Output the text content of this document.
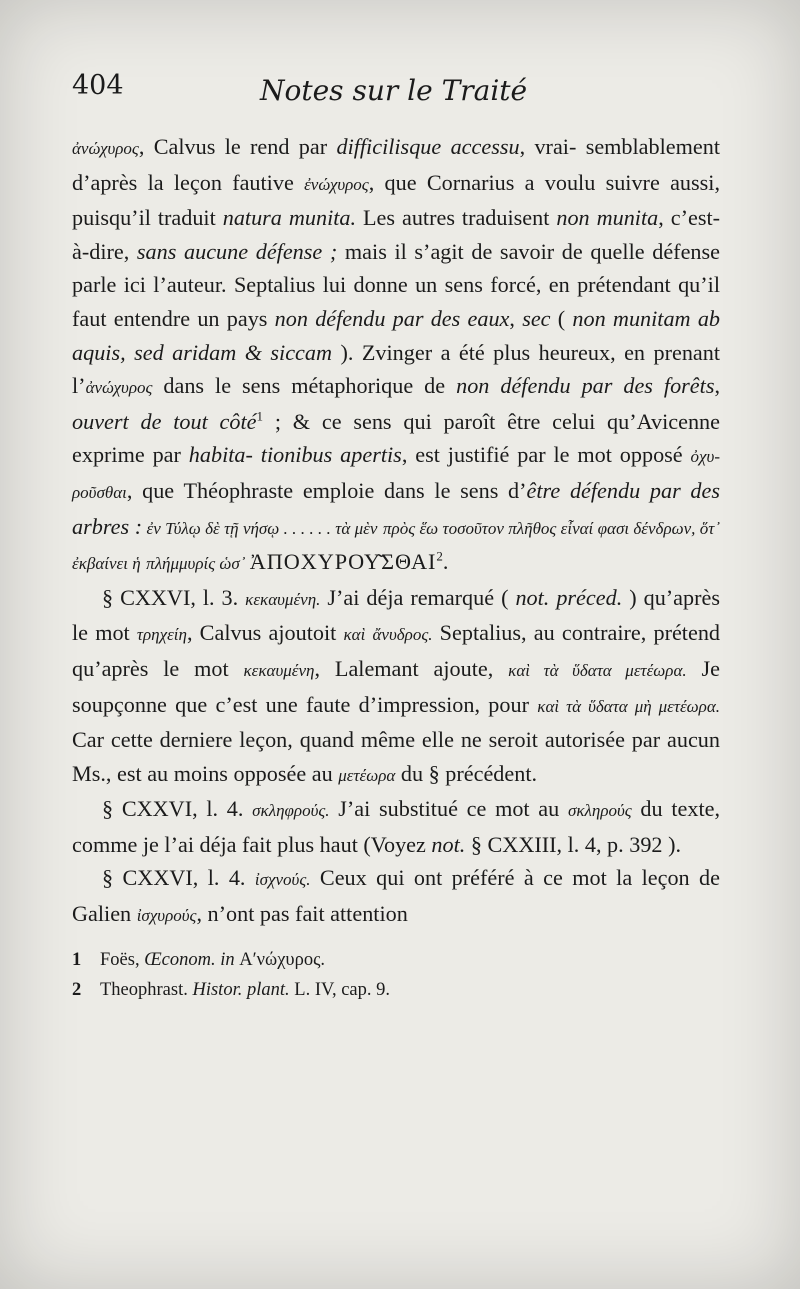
404	Notes sur le Traité

ἀνώχυρος, Calvus le rend par difficilisque accessu, vrai- semblablement d’après la leçon fautive ἐνώχυρος, que Cornarius a voulu suivre aussi, puisqu’il traduit natura munita. Les autres traduisent non munita, c’est-à-dire, sans aucune défense ; mais il s’agit de savoir de quelle défense parle ici l’auteur. Septalius lui donne un sens forcé, en prétendant qu’il faut entendre un pays non défendu par des eaux, sec ( non munitam ab aquis, sed aridam & siccam ). Zvinger a été plus heureux, en prenant l’ἀνώχυρος dans le sens métaphorique de non défendu par des forêts, ouvert de tout côté$^1$ ; & ce sens qui paroît être celui qu’Avicenne exprime par habita- tionibus apertis, est justifié par le mot opposé ὀχυ- ροῦσθαι, que Théophraste emploie dans le sens d’être défendu par des arbres : ἐν Τύλῳ δὲ τῇ νήσῳ . . . . . . τὰ μὲν πρὸς ἕω τοσοῦτον πλῆθος εἶναί φασι δένδρων, ὅτ᾽ ἐκβαίνει ἡ πλήμμυρίς ὡσ᾽ ἈΠΟΧΥΡΟΥ͂ΣΘΑΙ$^2$.

§ CXXVI, l. 3. κεκαυμένη. J’ai déja remarqué ( not. préced. ) qu’après le mot τρηχείη, Calvus ajoutoit καὶ ἄνυδρος. Septalius, au contraire, prétend qu’après le mot κεκαυμένη, Lalemant ajoute, καὶ τὰ ὕδατα μετέωρα. Je soupçonne que c’est une faute d’impression, pour καὶ τὰ ὕδατα μὴ μετέωρα. Car cette derniere leçon, quand même elle ne seroit autorisée par aucun Ms., est au moins opposée au μετέωρα du § précédent.

§ CXXVI, l. 4. σκληφρούς. J’ai substitué ce mot au σκληρούς du texte, comme je l’ai déja fait plus haut (Voyez not. § CXXIII, l. 4, p. 392 ).

§ CXXVI, l. 4. ἰσχνούς. Ceux qui ont préféré à ce mot la leçon de Galien ἰσχυρούς, n’ont pas fait attention

1	Foës, Œconom. in Αʹνώχυρος.
2	Theophrast. Histor. plant. L. IV, cap. 9.
